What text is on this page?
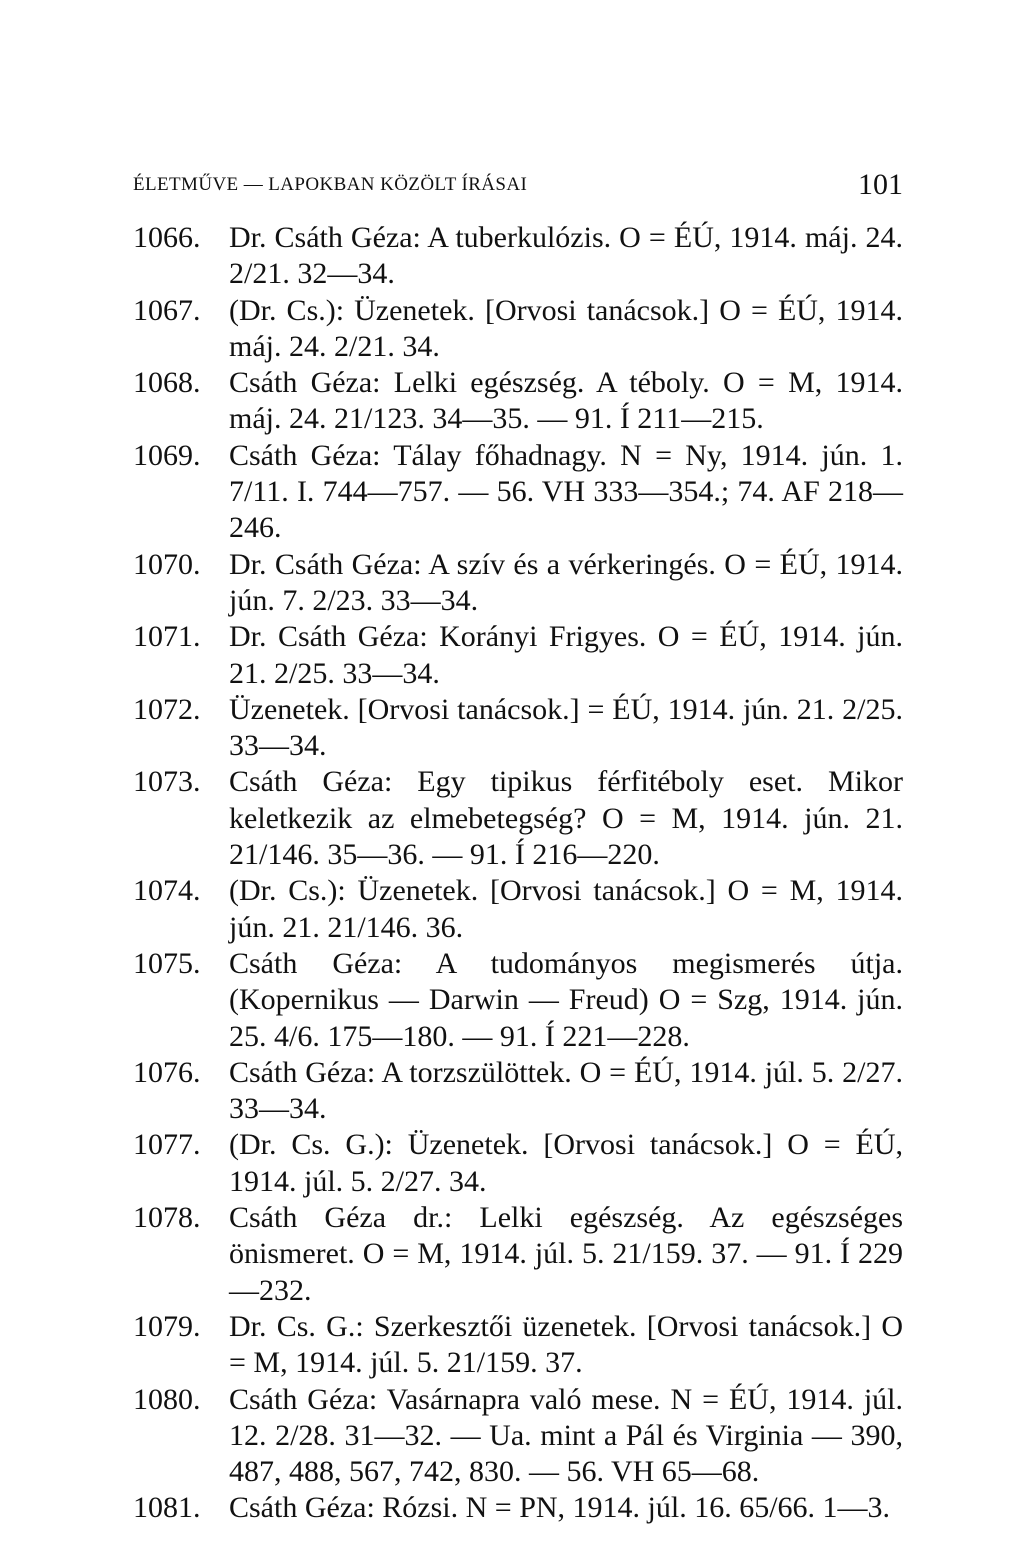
ÉLETMŰVE — LAPOKBAN KÖZÖLT ÍRÁSAI	101
1066. Dr. Csáth Géza: A tuberkulózis. O = ÉÚ, 1914. máj. 24. 2/21. 32—34.
1067. (Dr. Cs.): Üzenetek. [Orvosi tanácsok.] O = ÉÚ, 1914. máj. 24. 2/21. 34.
1068. Csáth Géza: Lelki egészség. A téboly. O = M, 1914. máj. 24. 21/123. 34—35. — 91. Í 211—215.
1069. Csáth Géza: Tálay főhadnagy. N = Ny, 1914. jún. 1. 7/11. I. 744—757. — 56. VH 333—354.; 74. AF 218—246.
1070. Dr. Csáth Géza: A szív és a vérkeringés. O = ÉÚ, 1914. jún. 7. 2/23. 33—34.
1071. Dr. Csáth Géza: Korányi Frigyes. O = ÉÚ, 1914. jún. 21. 2/25. 33—34.
1072. Üzenetek. [Orvosi tanácsok.] = ÉÚ, 1914. jún. 21. 2/25. 33—34.
1073. Csáth Géza: Egy tipikus férfitéboly eset. Mikor keletkezik az elmebetegség? O = M, 1914. jún. 21. 21/146. 35—36. — 91. Í 216—220.
1074. (Dr. Cs.): Üzenetek. [Orvosi tanácsok.] O = M, 1914. jún. 21. 21/146. 36.
1075. Csáth Géza: A tudományos megismerés útja. (Kopernikus — Darwin — Freud) O = Szg, 1914. jún. 25. 4/6. 175—180. — 91. Í 221—228.
1076. Csáth Géza: A torzszülöttek. O = ÉÚ, 1914. júl. 5. 2/27. 33—34.
1077. (Dr. Cs. G.): Üzenetek. [Orvosi tanácsok.] O = ÉÚ, 1914. júl. 5. 2/27. 34.
1078. Csáth Géza dr.: Lelki egészség. Az egészséges önismeret. O = M, 1914. júl. 5. 21/159. 37. — 91. Í 229—232.
1079. Dr. Cs. G.: Szerkesztői üzenetek. [Orvosi tanácsok.] O = M, 1914. júl. 5. 21/159. 37.
1080. Csáth Géza: Vasárnapra való mese. N = ÉÚ, 1914. júl. 12. 2/28. 31—32. — Ua. mint a Pál és Virginia — 390, 487, 488, 567, 742, 830. — 56. VH 65—68.
1081. Csáth Géza: Rózsi. N = PN, 1914. júl. 16. 65/66. 1—3.
